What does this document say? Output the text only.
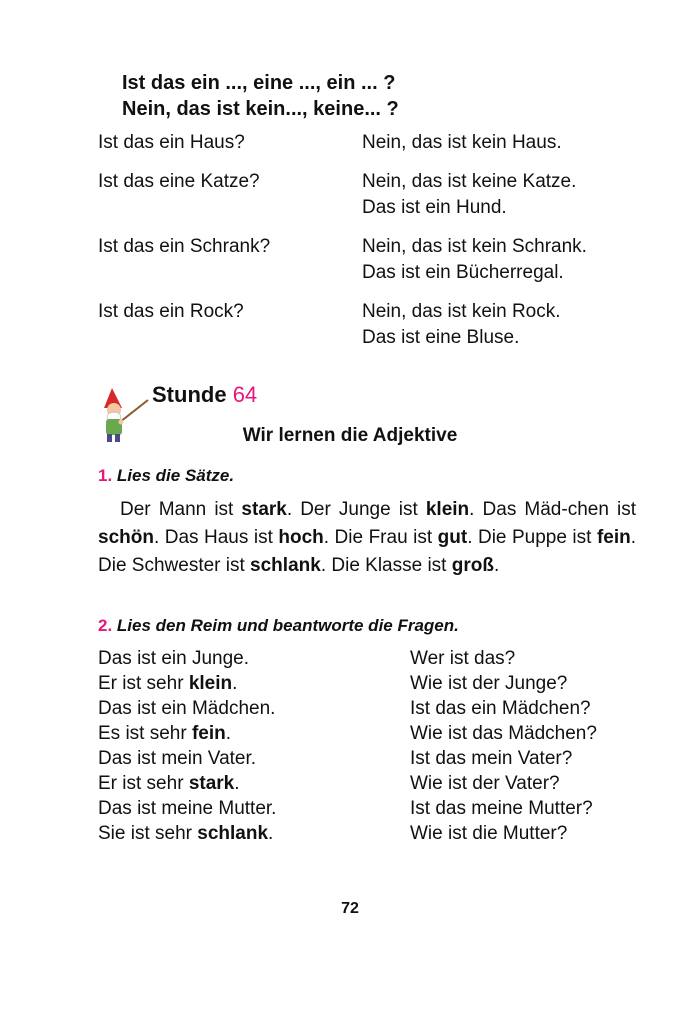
Ist das ein ..., eine ..., ein ... ?
Nein, das ist kein..., keine... ?
Ist das ein Haus?	Nein, das ist kein Haus.
Ist das eine Katze?	Nein, das ist keine Katze.
Das ist ein Hund.
Ist das ein Schrank?	Nein, das ist kein Schrank.
Das ist ein Bücherregal.
Ist das ein Rock?	Nein, das ist kein Rock.
Das ist eine Bluse.
Stunde 64
Wir lernen die Adjektive
1. Lies die Sätze.
Der Mann ist stark. Der Junge ist klein. Das Mäd-chen ist schön. Das Haus ist hoch. Die Frau ist gut. Die Puppe ist fein. Die Schwester ist schlank. Die Klasse ist groß.
2. Lies den Reim und beantworte die Fragen.
Das ist ein Junge.	Wer ist das?
Er ist sehr klein.	Wie ist der Junge?
Das ist ein Mädchen.	Ist das ein Mädchen?
Es ist sehr fein.	Wie ist das Mädchen?
Das ist mein Vater.	Ist das mein Vater?
Er ist sehr stark.	Wie ist der Vater?
Das ist meine Mutter.	Ist das meine Mutter?
Sie ist sehr schlank.	Wie ist die Mutter?
72
